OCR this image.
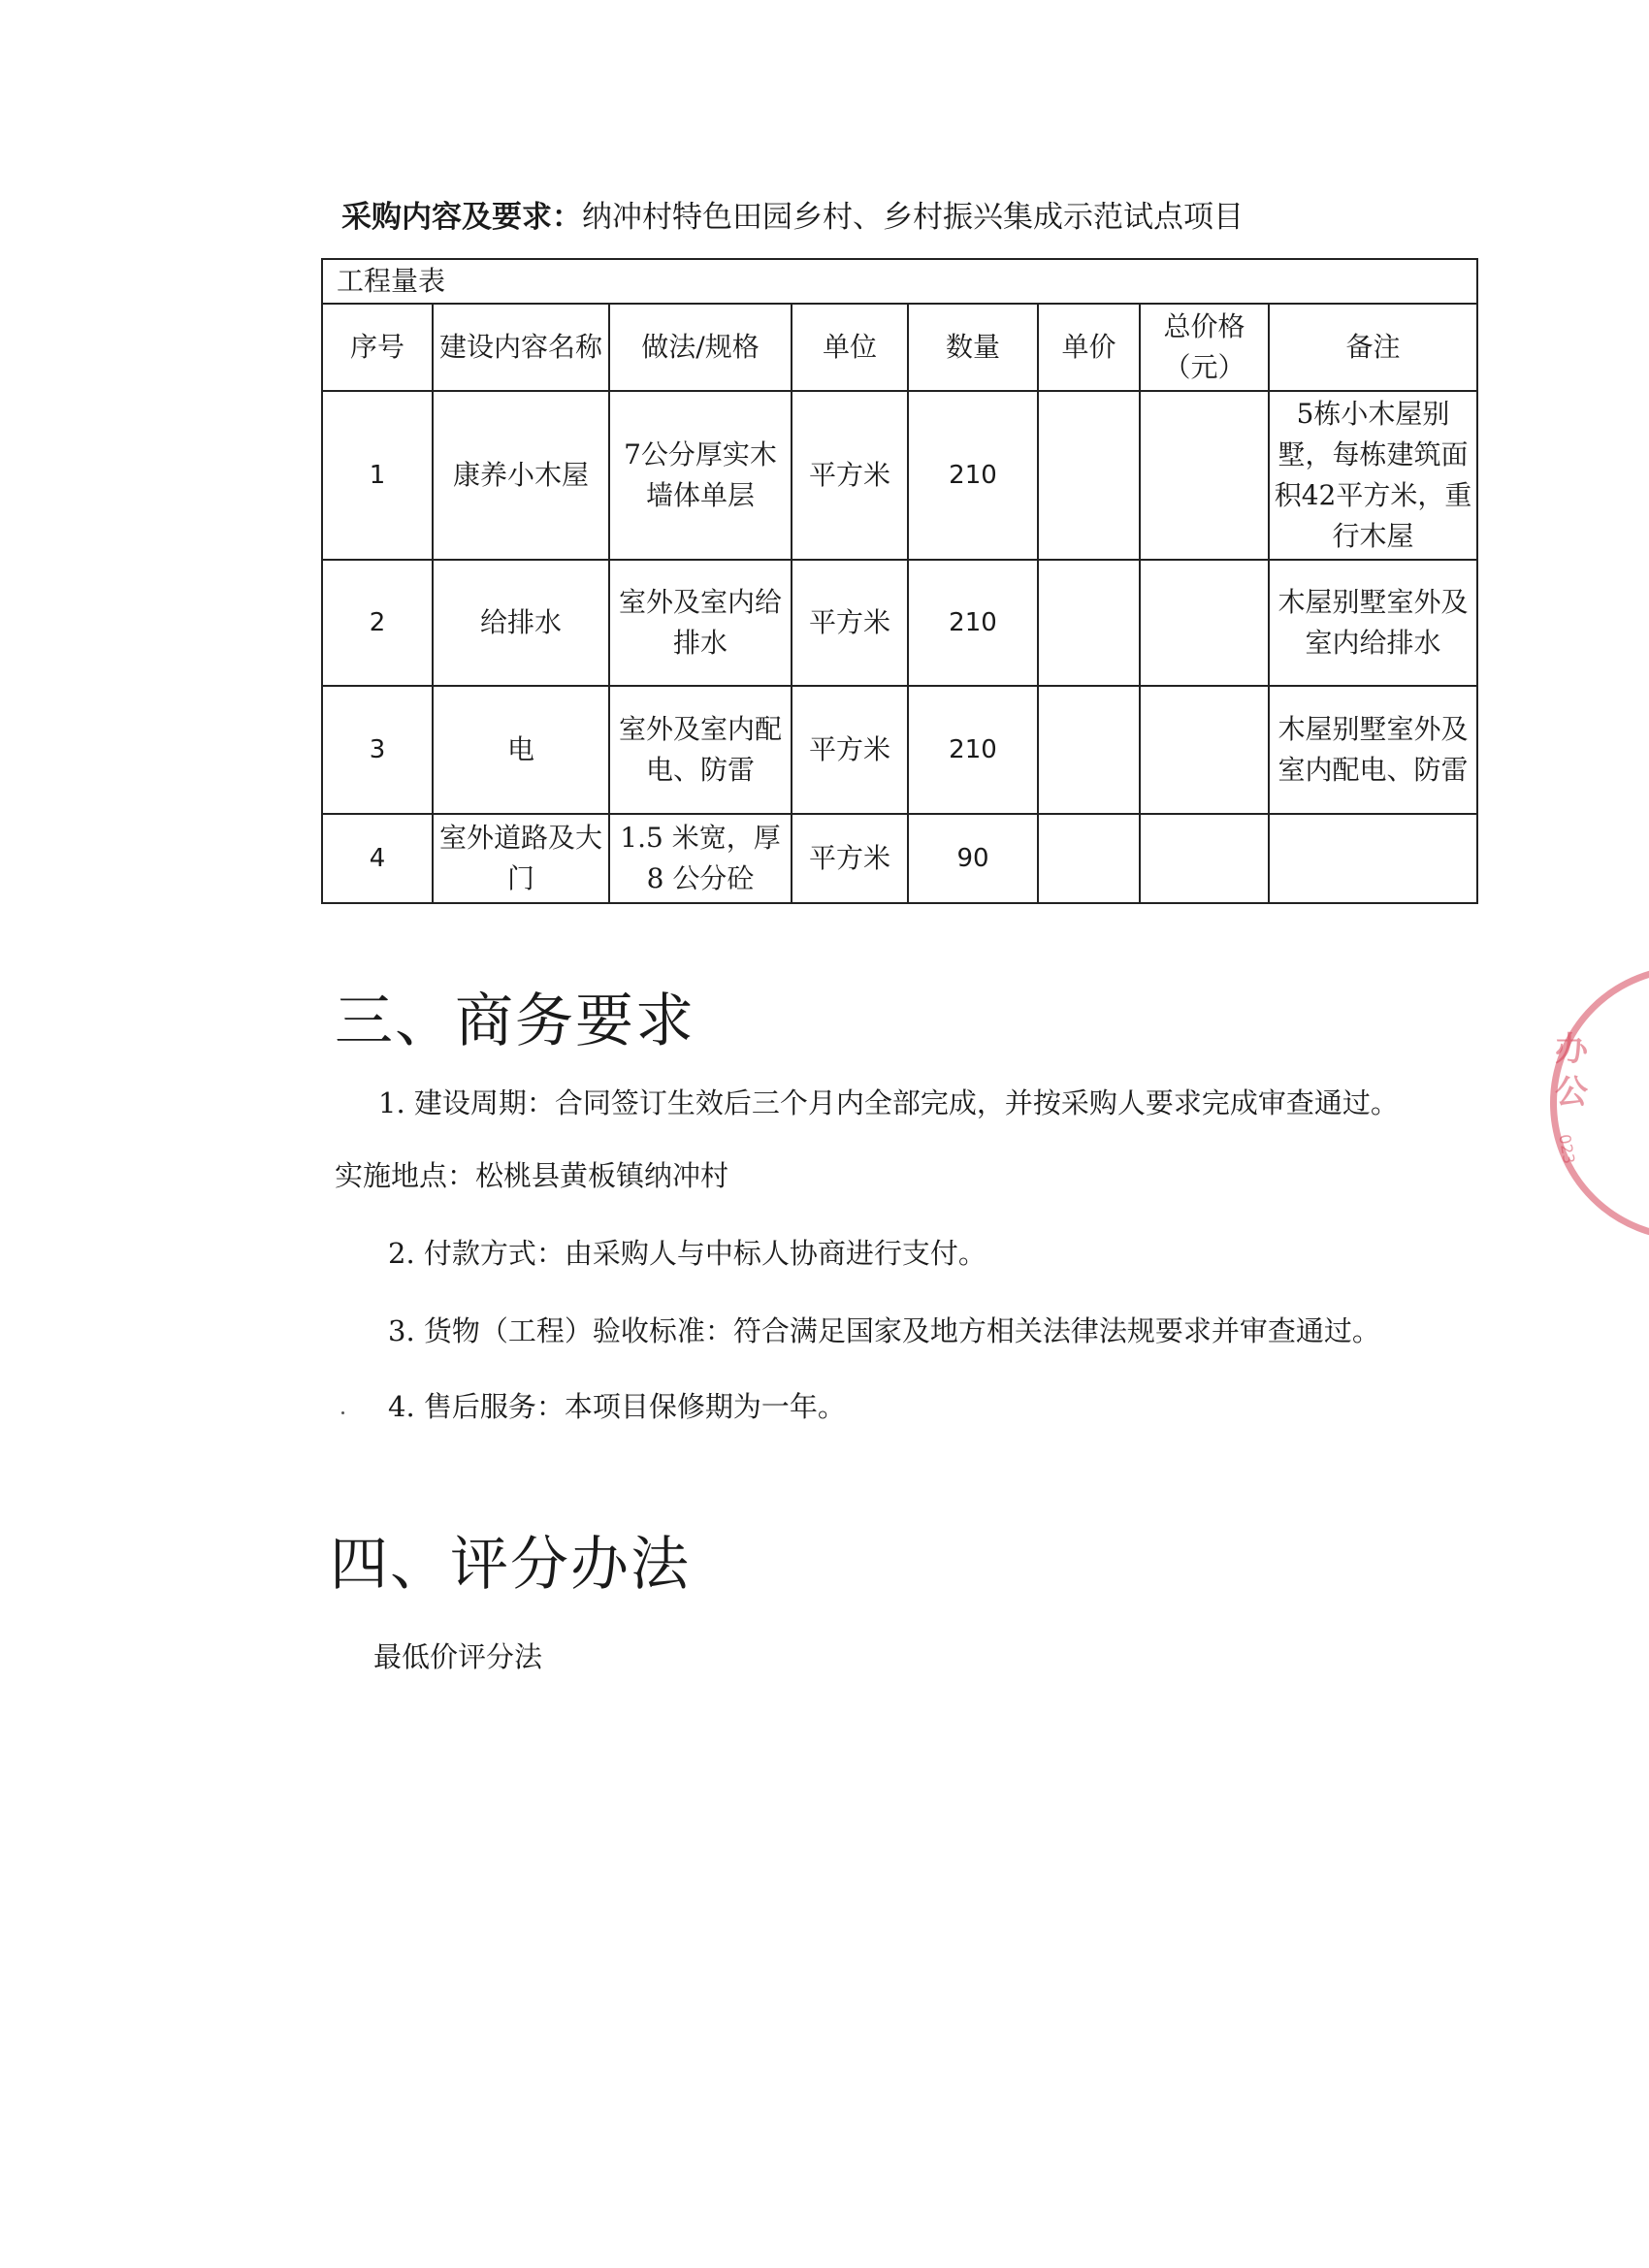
采购内容及要求：纳冲村特色田园乡村、乡村振兴集成示范试点项目
工程量表							
序号	建设内容名称	做法/规格	单位	数量	单价	总价格（元）	备注
1	康养小木屋	7公分厚实木墙体单层	平方米	210			5栋小木屋别墅，每栋建筑面积42平方米，重行木屋
2	给排水	室外及室内给排水	平方米	210			木屋别墅室外及室内给排水
3	电	室外及室内配电、防雷	平方米	210			木屋别墅室外及室内配电、防雷
4	室外道路及大门	1.5 米宽，厚 8 公分砼	平方米	90			
三、商务要求
1. 建设周期：合同签订生效后三个月内全部完成，并按采购人要求完成审查通过。
实施地点：松桃县黄板镇纳冲村
2. 付款方式：由采购人与中标人协商进行支付。
3. 货物（工程）验收标准：符合满足国家及地方相关法律法规要求并审查通过。
4. 售后服务：本项目保修期为一年。
四、评分办法
最低价评分法
办公
023
